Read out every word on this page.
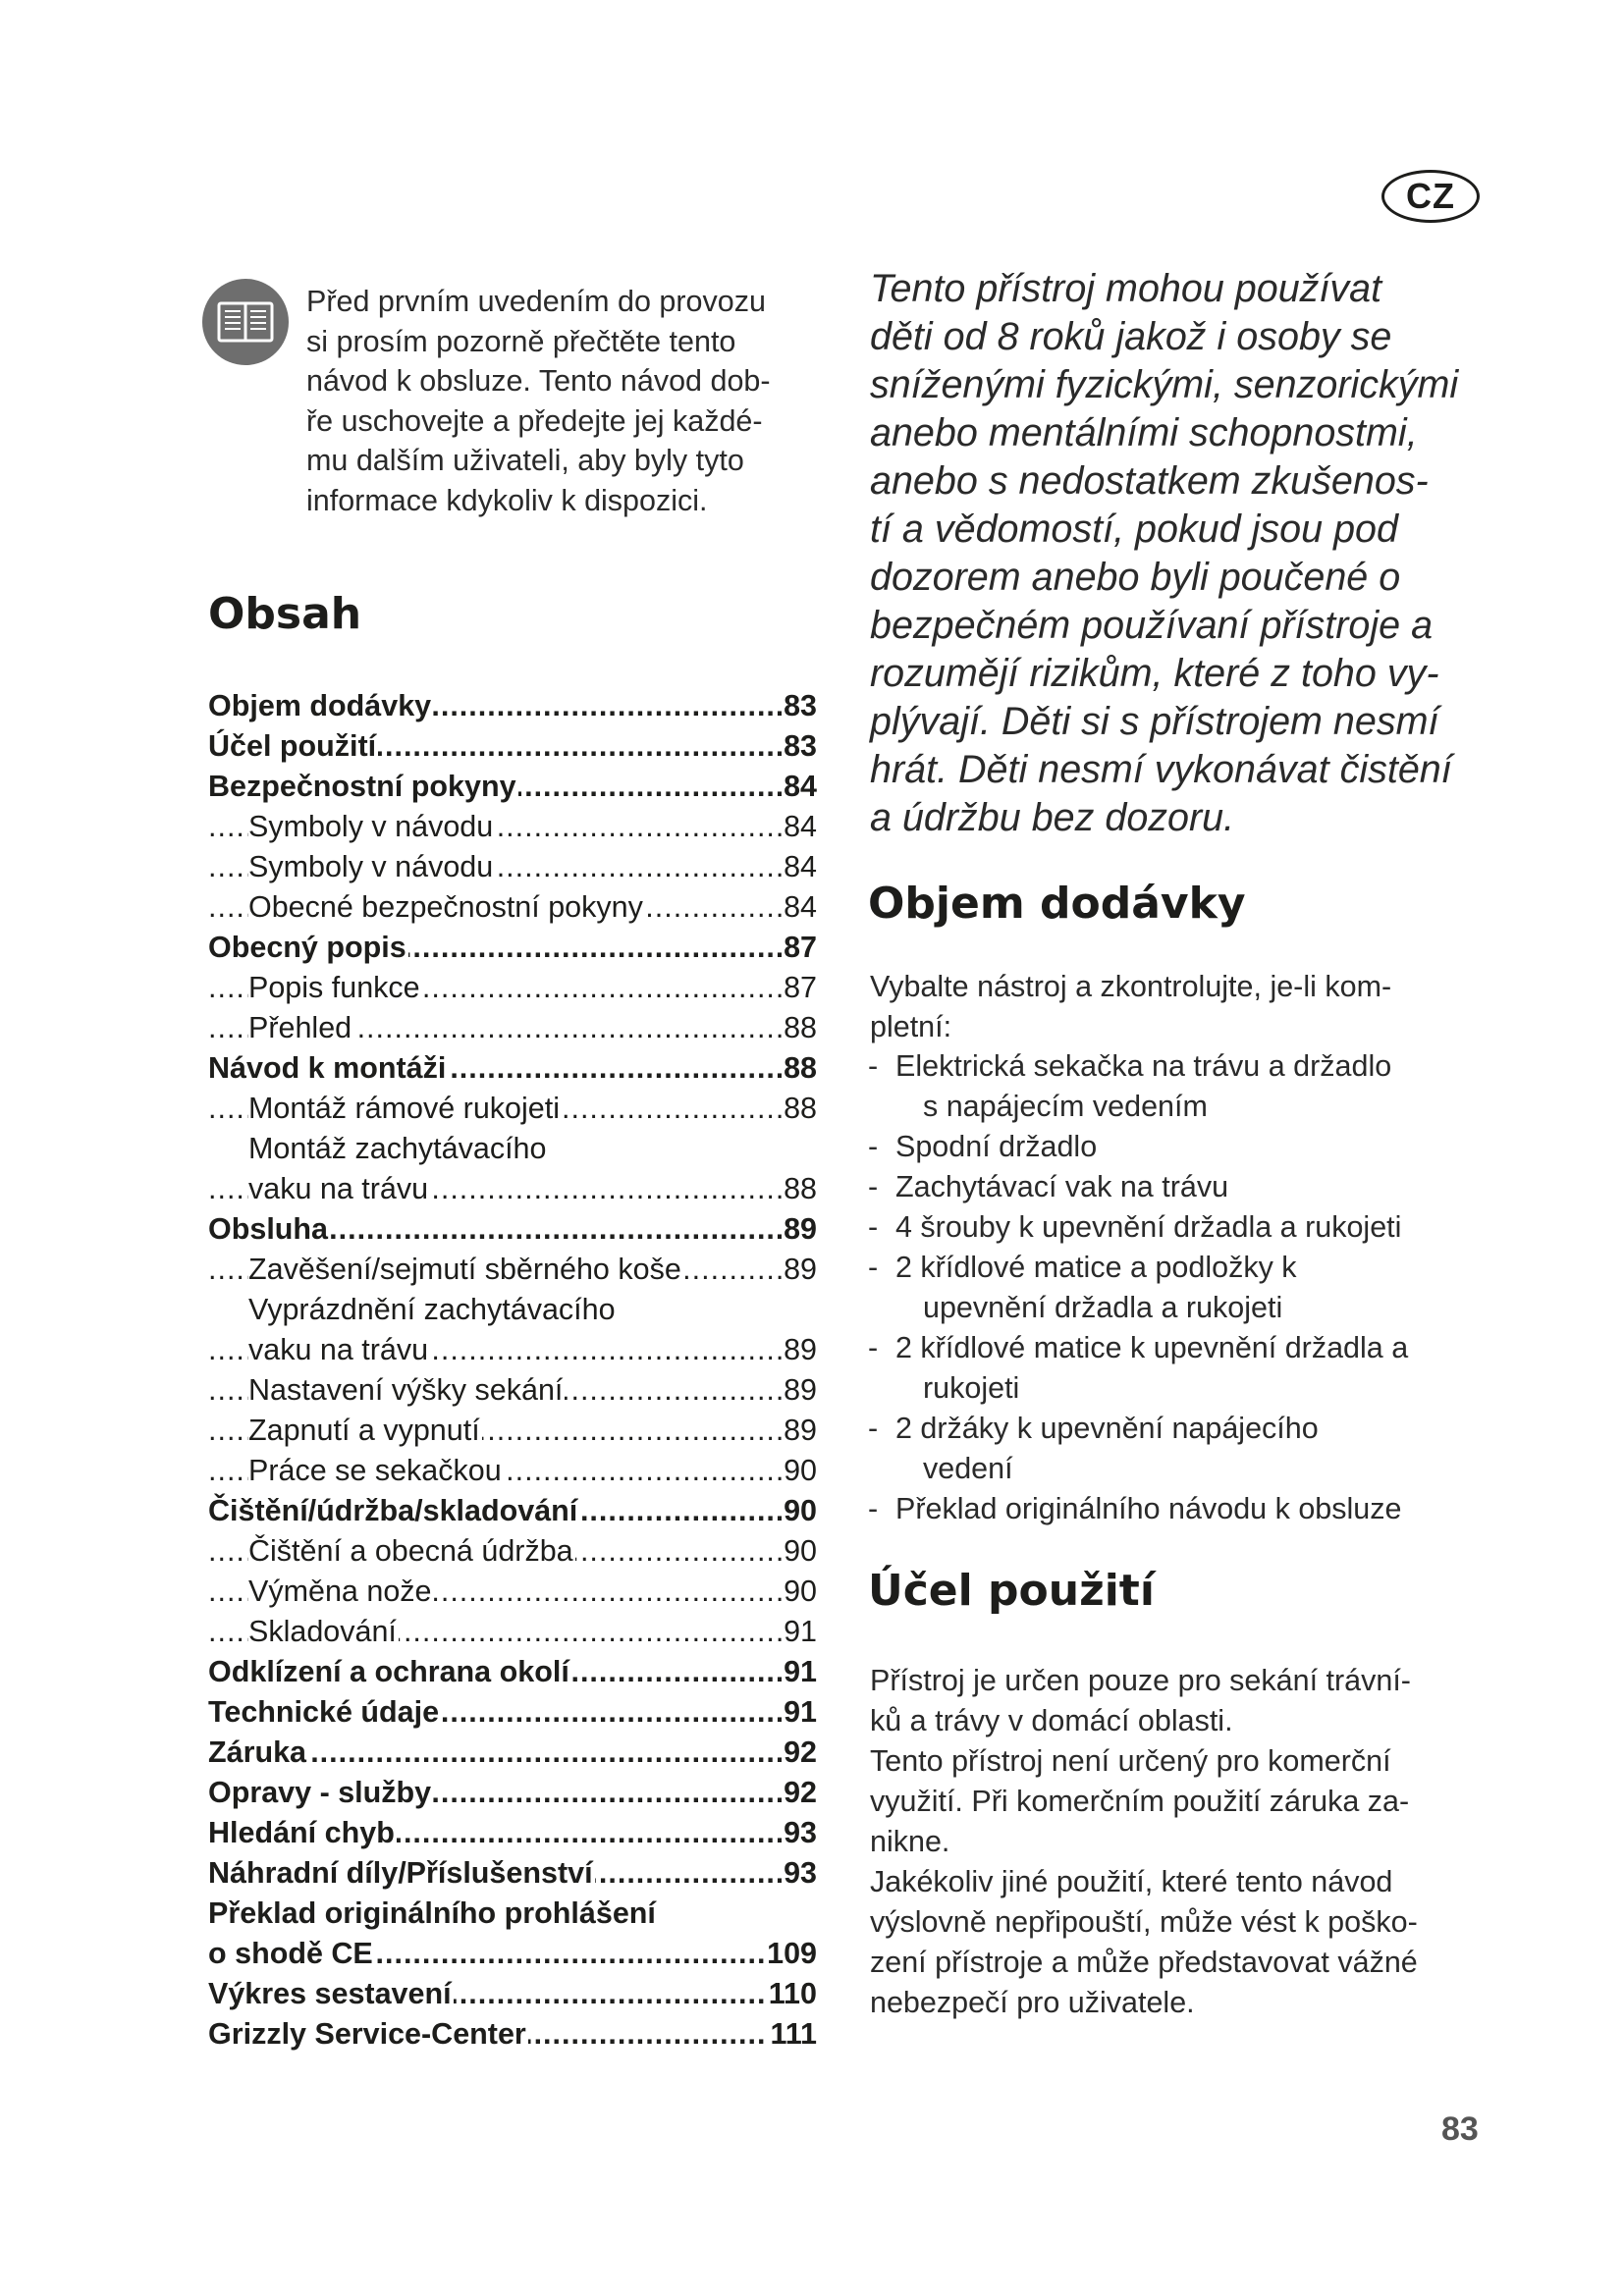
CZ
Před prvním uvedením do provozu
si prosím pozorně přečtěte tento
návod k obsluze. Tento návod dob-
ře uschovejte a předejte jej každé-
mu dalším uživateli, aby byly tyto
informace kdykoliv k dispozici.
Obsah
Objem dodávky	83
.....
Účel použití	83
.....
Bezpečnostní pokyny	84
.....
Symboly v návodu	84
.....
Symboly v návodu	84
.....
Obecné bezpečnostní pokyny	84
.....
Obecný popis	87
.....
Popis funkce	87
.....
Přehled	88
.....
Návod k montáži	88
.....
Montáž rámové rukojeti	88
.....
Montáž zachytávacího
vaku na trávu	88
.....
Obsluha	89
.....
Zavěšení/sejmutí sběrného koše	89
.....
Vyprázdnění zachytávacího
vaku na trávu	89
.....
Nastavení výšky sekání	89
.....
Zapnutí a vypnutí	89
.....
Práce se sekačkou	90
.....
Čištění/údržba/skladování	90
.....
Čištění a obecná údržba	90
.....
Výměna nože	90
.....
Skladování	91
.....
Odklízení a ochrana okolí	91
.....
Technické údaje	91
.....
Záruka	92
.....
Opravy - služby	92
.....
Hledání chyb	93
.....
Náhradní díly/Příslušenství	93
.....
Překlad originálního prohlášení
o shodě CE	109
.....
Výkres sestavení	110
.....
Grizzly Service-Center	111
.....
Tento přístroj mohou používat
děti od 8 roků jakož i osoby se
sníženými fyzickými, senzorickými
anebo mentálními schopnostmi,
anebo s nedostatkem zkušenos-
tí a vědomostí, pokud jsou pod
dozorem anebo byli poučené o
bezpečném používaní přístroje a
rozumějí rizikům, které z toho vy-
plývají. Děti si s přístrojem nesmí
hrát. Děti nesmí vykonávat čistění
a údržbu bez dozoru.
Objem dodávky
Vybalte nástroj a zkontrolujte, je-li kom-
pletní:
- Elektrická sekačka na trávu a držadlo
s napájecím vedením
- Spodní držadlo
- Zachytávací vak na trávu
- 4 šrouby k upevnění držadla a rukojeti
- 2 křídlové matice a podložky k
upevnění držadla a rukojeti
- 2 křídlové matice k upevnění držadla a
rukojeti
- 2 držáky k upevnění napájecího
vedení
- Překlad originálního návodu k obsluze
Účel použití
Přístroj je určen pouze pro sekání trávní-
ků a trávy v domácí oblasti.
Tento přístroj není určený pro komerční
využití. Při komerčním použití záruka za-
nikne.
Jakékoliv jiné použití, které tento návod
výslovně nepřipouští, může vést k poško-
zení přístroje a může představovat vážné
nebezpečí pro uživatele.
83
